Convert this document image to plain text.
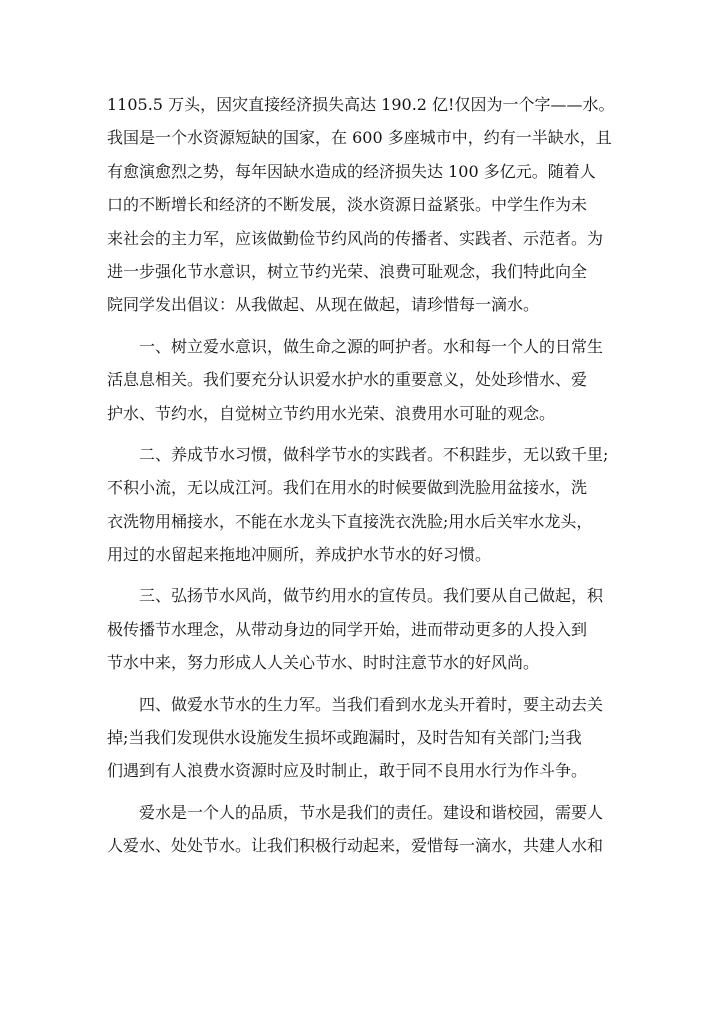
1105.5 万头，因灾直接经济损失高达 190.2 亿!仅因为一个字——水。
我国是一个水资源短缺的国家，在 600 多座城市中，约有一半缺水，且
有愈演愈烈之势，每年因缺水造成的经济损失达 100 多亿元。随着人
口的不断增长和经济的不断发展，淡水资源日益紧张。中学生作为未
来社会的主力军，应该做勤俭节约风尚的传播者、实践者、示范者。为
进一步强化节水意识，树立节约光荣、浪费可耻观念，我们特此向全
院同学发出倡议：从我做起、从现在做起，请珍惜每一滴水。
一、树立爱水意识，做生命之源的呵护者。水和每一个人的日常生
活息息相关。我们要充分认识爱水护水的重要意义，处处珍惜水、爱
护水、节约水，自觉树立节约用水光荣、浪费用水可耻的观念。
二、养成节水习惯，做科学节水的实践者。不积跬步，无以致千里;
不积小流，无以成江河。我们在用水的时候要做到洗脸用盆接水，洗
衣洗物用桶接水，不能在水龙头下直接洗衣洗脸;用水后关牢水龙头，
用过的水留起来拖地冲厕所，养成护水节水的好习惯。
三、弘扬节水风尚，做节约用水的宣传员。我们要从自己做起，积
极传播节水理念，从带动身边的同学开始，进而带动更多的人投入到
节水中来，努力形成人人关心节水、时时注意节水的好风尚。
四、做爱水节水的生力军。当我们看到水龙头开着时，要主动去关
掉;当我们发现供水设施发生损坏或跑漏时，及时告知有关部门;当我
们遇到有人浪费水资源时应及时制止，敢于同不良用水行为作斗争。
爱水是一个人的品质，节水是我们的责任。建设和谐校园，需要人
人爱水、处处节水。让我们积极行动起来，爱惜每一滴水，共建人水和
